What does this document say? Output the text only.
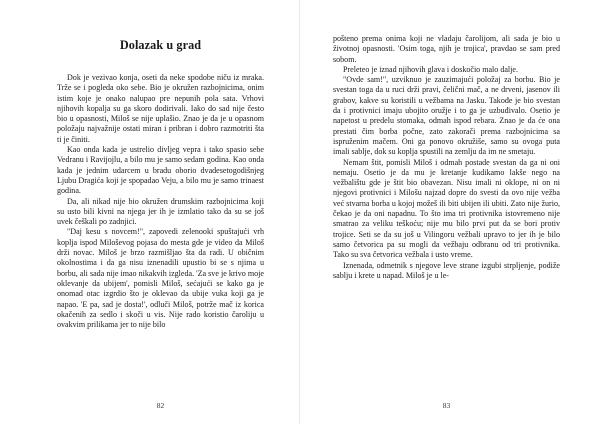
Dolazak u grad

Dok je vezivao konja, oseti da neke spodobe niču iz mraka. Trže se i pogleda oko sebe. Bio je okružen razbojnicima, onim istim koje je onako nalupao pre nepunih pola sata. Vrhovi njihovih kopalja su ga skoro dodirivali. Iako do sad nije često bio u opasnosti, Miloš se nije uplašio. Znao je da je u opasnom položaju najvažnije ostati miran i pribran i dobro razmotriti šta ti je činiti.

Kao onda kada je ustrelio divljeg vepra i tako spasio sebe Vedranu i Ravijojlu, a bilo mu je samo sedam godina. Kao onda kada je jednim udarcem u bradu oborio dvadesetogodišnjeg Ljubu Dragića koji je spopadao Veju, a bilo mu je samo trinaest godina.

Da, ali nikad nije bio okružen drumskim razbojnicima koji su usto bili kivni na njega jer ih je izmlatio tako da su se još uvek češkali po zadnjici.

"Daj kesu s novcem!", zapovedi zelenooki spuštajući vrh koplja ispod Miloševog pojasa do mesta gde je video da Miloš drži novac. Miloš je brzo razmišljao šta da radi. U običnim okolnostima i da ga nisu iznenadili upustio bi se s njima u borbu, ali sada nije imao nikakvih izgleda. 'Za sve je krivo moje oklevanje da ubijem', pomisli Miloš, sećajući se kako ga je onomad otac izgrdio što je oklevao da ubije vuka koji ga je napao. 'E pa, sad je dosta!', odluči Miloš, potrže mač iz korica okačenih za sedlo i skoči u vis. Nije rado koristio čaroliju u ovakvim prilikama jer to nije bilo

82

pošteno prema onima koji ne vladaju čarolijom, ali sada je bio u životnoj opasnosti. 'Osim toga, njih je trojica', pravdao se sam pred sobom.

Preleteo je iznad njihovih glava i doskočio malo dalje.

"Ovde sam!", uzviknuo je zauzimajući položaj za borbu. Bio je svestan toga da u ruci drži pravi, čelični mač, a ne drveni, jasenov ili grabov, kakve su koristili u vežbama na Jasku. Takođe je bio svestan da i protivnici imaju ubojito oružje i to ga je uzbuđivalo. Osetio je napetost u predelu stomaka, odmah ispod rebara. Znao je da će ona prestati čim borba počne, zato zakorači prema razbojnicima sa ispruženim mačem. Oni ga ponovo okružiše, samo su ovoga puta imali sablje, dok su koplja spustili na zemlju da im ne smetaju.

Nemam štit, pomisli Miloš i odmah postade svestan da ga ni oni nemaju. Osetio je da mu je kretanje kudikamo lakše nego na vežbalištu gde je štit bio obavezan. Nisu imali ni oklope, ni on ni njegovi protivnici i Milošu najzad dopre do svesti da ovo nije vežba već stvarna borba u kojoj možeš ili biti ubijen ili ubiti. Zato nije žurio, čekao je da oni napadnu. To što ima tri protivnika istovremeno nije smatrao za veliku teškoću; nije mu bilo prvi put da se bori protiv trojice. Seti se da su još u Vilingoru vežbali upravo to jer ih je bilo samo četvorica pa su mogli da vežbaju odbranu od tri protivnika. Tako su sva četvorica vežbala i usto vreme.

Iznenada, odmetnik s njegove leve strane izgubi strpljenje, podiže sablju i krete u napad. Miloš je u le-

83
